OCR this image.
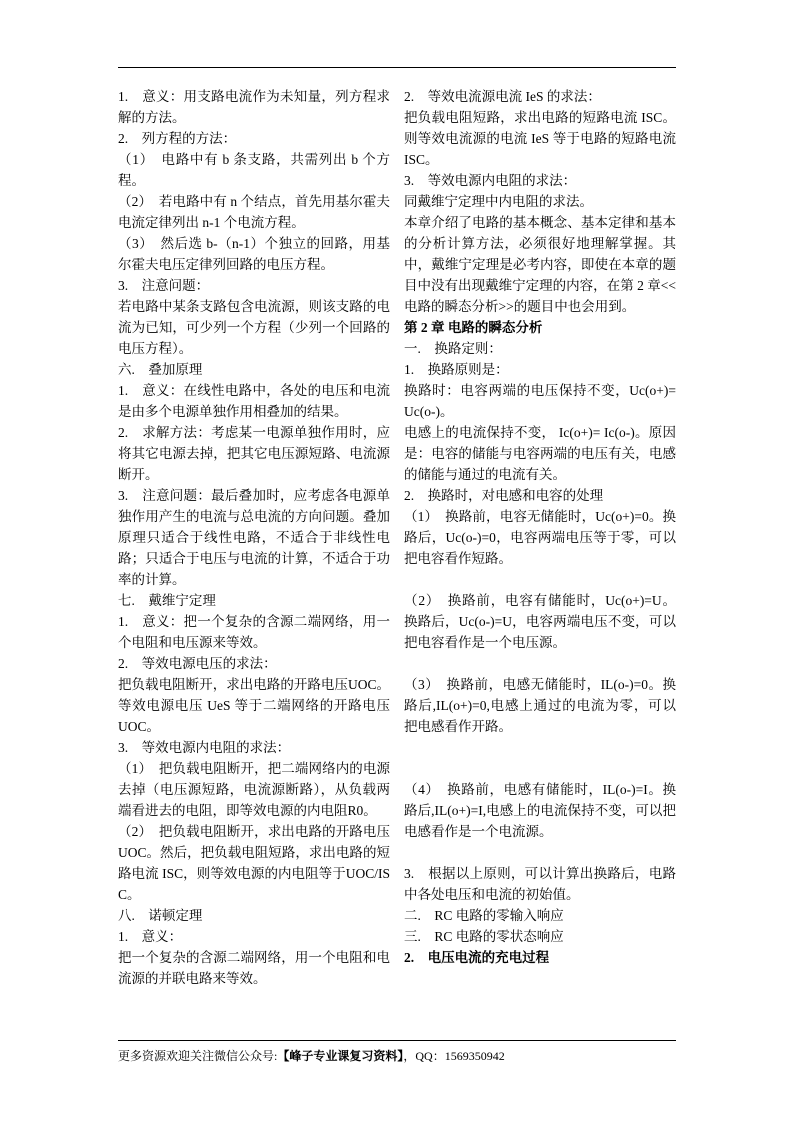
1.　意义：用支路电流作为未知量，列方程求解的方法。

2.　列方程的方法：

（1）　电路中有 b 条支路，共需列出 b 个方程。

（2）　若电路中有 n 个结点，首先用基尔霍夫电流定律列出 n-1 个电流方程。

（3）　然后选 b-（n-1）个独立的回路，用基尔霍夫电压定律列回路的电压方程。

3.　注意问题：

若电路中某条支路包含电流源，则该支路的电流为已知，可少列一个方程（少列一个回路的电压方程）。

六.　叠加原理

1.　意义：在线性电路中，各处的电压和电流是由多个电源单独作用相叠加的结果。

2.　求解方法：考虑某一电源单独作用时，应将其它电源去掉，把其它电压源短路、电流源断开。

3.　注意问题：最后叠加时，应考虑各电源单独作用产生的电流与总电流的方向问题。叠加原理只适合于线性电路，不适合于非线性电路；只适合于电压与电流的计算，不适合于功率的计算。

七.　戴维宁定理

1.　意义：把一个复杂的含源二端网络，用一个电阻和电压源来等效。

2.　等效电源电压的求法：

把负载电阻断开，求出电路的开路电压UOC。等效电源电压 UeS 等于二端网络的开路电压 UOC。

3.　等效电源内电阻的求法：

（1）　把负载电阻断开，把二端网络内的电源去掉（电压源短路，电流源断路），从负载两端看进去的电阻，即等效电源的内电阻R0。

（2）　把负载电阻断开，求出电路的开路电压 UOC。然后，把负载电阻短路，求出电路的短路电流 ISC，则等效电源的内电阻等于UOC/ISC。

八.　诺顿定理

1.　意义：

把一个复杂的含源二端网络，用一个电阻和电流源的并联电路来等效。

2.　等效电流源电流 IeS 的求法：

把负载电阻短路，求出电路的短路电流 ISC。则等效电流源的电流 IeS 等于电路的短路电流 ISC。

3.　等效电源内电阻的求法：

同戴维宁定理中内电阻的求法。

本章介绍了电路的基本概念、基本定律和基本的分析计算方法，必须很好地理解掌握。其中，戴维宁定理是必考内容，即使在本章的题目中没有出现戴维宁定理的内容，在第 2 章<<电路的瞬态分析>>的题目中也会用到。

第 2 章 电路的瞬态分析

一.　换路定则：

1.　换路原则是：

换路时：电容两端的电压保持不变，Uc(o+)=Uc(o-)。

电感上的电流保持不变， Ic(o+)= Ic(o-)。原因是：电容的储能与电容两端的电压有关，电感的储能与通过的电流有关。

2.　换路时，对电感和电容的处理

（1）　换路前，电容无储能时，Uc(o+)=0。换路后，Uc(o-)=0，电容两端电压等于零，可以把电容看作短路。

（2）　换路前，电容有储能时，Uc(o+)=U。换路后，Uc(o-)=U，电容两端电压不变，可以把电容看作是一个电压源。

（3）　换路前，电感无储能时，IL(o-)=0。换路后,IL(o+)=0,电感上通过的电流为零，可以把电感看作开路。

（4）　换路前，电感有储能时，IL(o-)=I。换路后,IL(o+)=I,电感上的电流保持不变，可以把电感看作是一个电流源。

3.　根据以上原则，可以计算出换路后，电路中各处电压和电流的初始值。

二.　RC 电路的零输入响应

三.　RC 电路的零状态响应

2.　电压电流的充电过程

更多资源欢迎关注微信公众号:【峰子专业课复习资料】，QQ：1569350942
